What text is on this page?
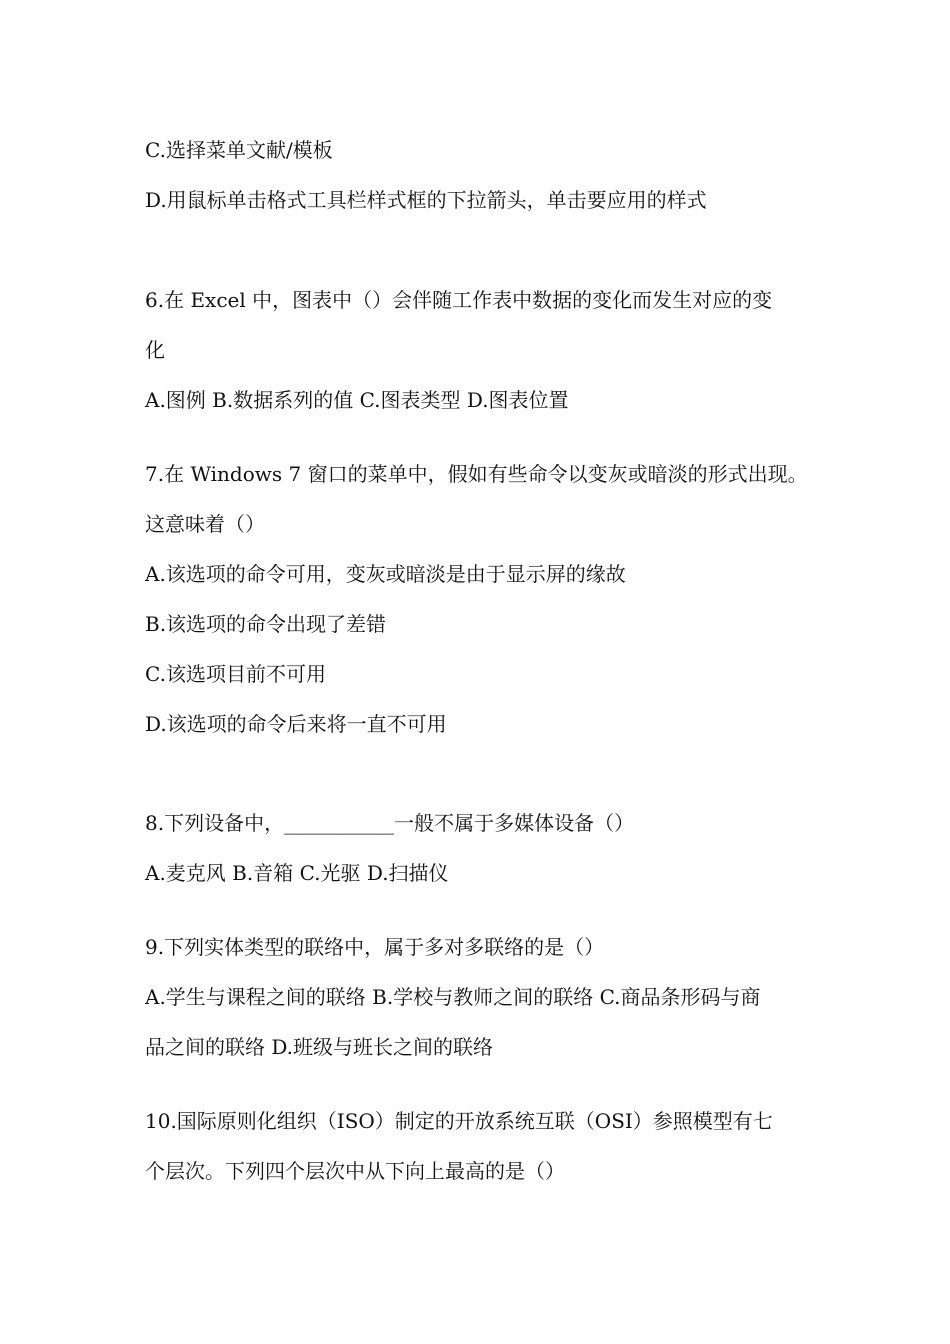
C.选择菜单文献/模板
D.用鼠标单击格式工具栏样式框的下拉箭头，单击要应用的样式
6.在 Excel 中，图表中（）会伴随工作表中数据的变化而发生对应的变
化
A.图例 B.数据系列的值 C.图表类型 D.图表位置
7.在 Windows 7 窗口的菜单中，假如有些命令以变灰或暗淡的形式出现。
这意味着（）
A.该选项的命令可用，变灰或暗淡是由于显示屏的缘故
B.该选项的命令出现了差错
C.该选项目前不可用
D.该选项的命令后来将一直不可用
8.下列设备中，___________一般不属于多媒体设备（）
A.麦克风 B.音箱 C.光驱 D.扫描仪
9.下列实体类型的联络中，属于多对多联络的是（）
A.学生与课程之间的联络 B.学校与教师之间的联络 C.商品条形码与商
品之间的联络 D.班级与班长之间的联络
10.国际原则化组织（ISO）制定的开放系统互联（OSI）参照模型有七
个层次。下列四个层次中从下向上最高的是（）
